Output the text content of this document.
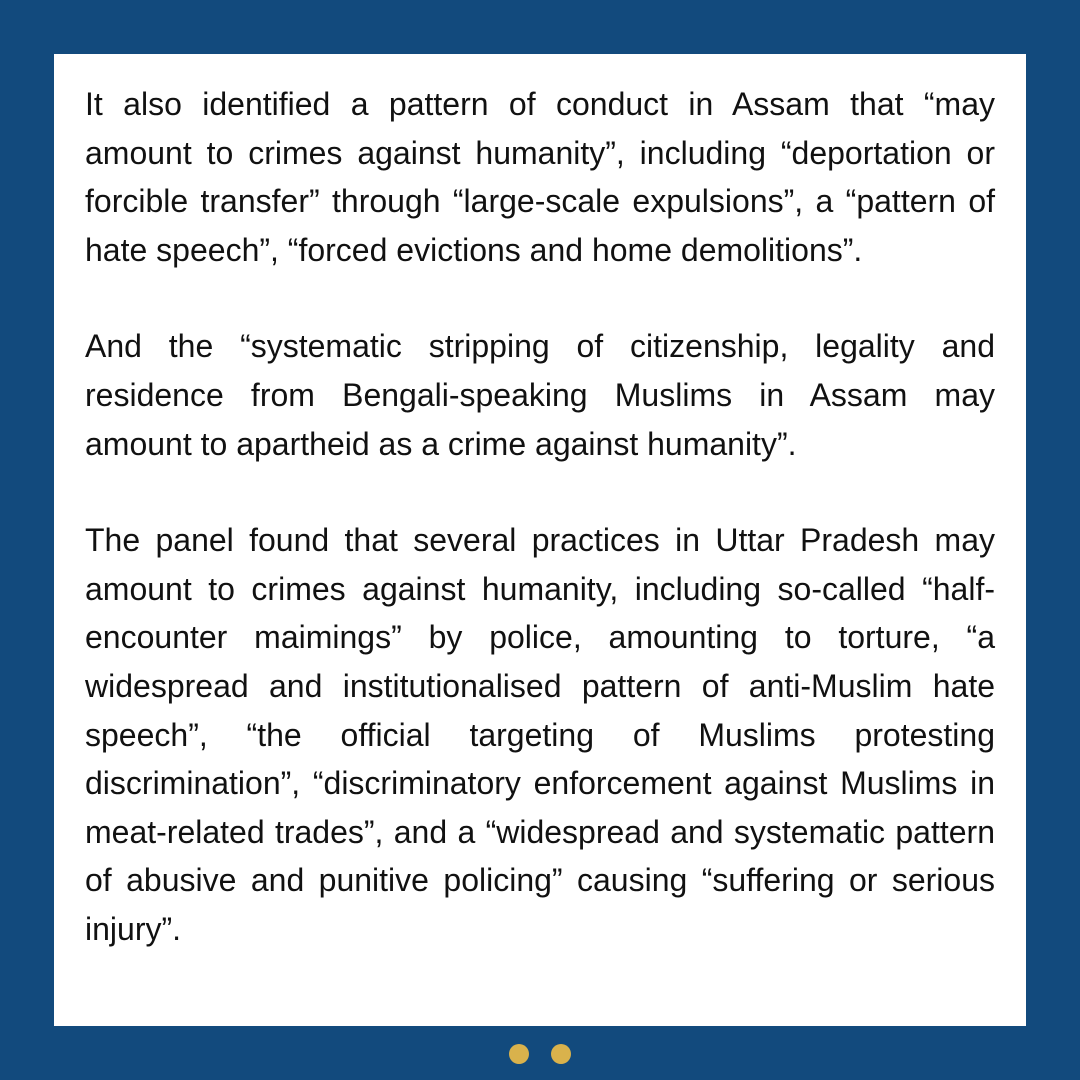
It also identified a pattern of conduct in Assam that “may amount to crimes against humanity”, including “deportation or forcible transfer” through “large-scale expulsions”, a “pattern of hate speech”, “forced evictions and home demolitions”.

And the “systematic stripping of citizenship, legality and residence from Bengali-speaking Muslims in Assam may amount to apartheid as a crime against humanity”.

The panel found that several practices in Uttar Pradesh may amount to crimes against humanity, including so-called “half-encounter maimings” by police, amounting to torture, “a widespread and institutionalised pattern of anti-Muslim hate speech”, “the official targeting of Muslims protesting discrimination”, “discriminatory enforcement against Muslims in meat-related trades”, and a “widespread and systematic pattern of abusive and punitive policing” causing “suffering or serious injury”.
